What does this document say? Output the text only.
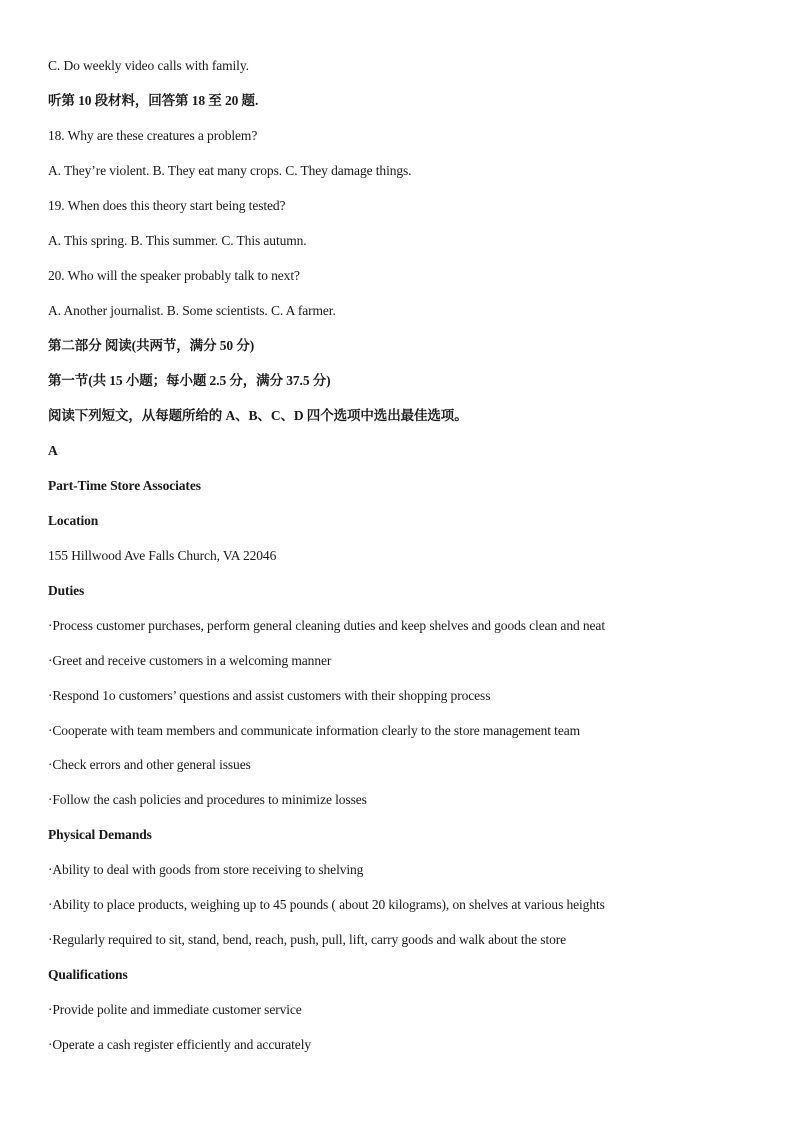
C. Do weekly video calls with family.
听第 10 段材料，回答第 18 至 20 题.
18. Why are these creatures a problem?
A. They’re violent. B. They eat many crops. C. They damage things.
19. When does this theory start being tested?
A. This spring. B. This summer. C. This autumn.
20. Who will the speaker probably talk to next?
A. Another journalist. B. Some scientists. C. A farmer.
第二部分 阅读(共两节，满分 50 分)
第一节(共 15 小题；每小题 2.5 分，满分 37.5 分)
阅读下列短文，从每题所给的 A、B、C、D 四个选项中选出最佳选项。
A
Part-Time Store Associates
Location
155 Hillwood Ave Falls Church, VA 22046
Duties
·Process customer purchases, perform general cleaning duties and keep shelves and goods clean and neat
·Greet and receive customers in a welcoming manner
·Respond 1o customers’ questions and assist customers with their shopping process
·Cooperate with team members and communicate information clearly to the store management team
·Check errors and other general issues
·Follow the cash policies and procedures to minimize losses
Physical Demands
·Ability to deal with goods from store receiving to shelving
·Ability to place products, weighing up to 45 pounds ( about 20 kilograms), on shelves at various heights
·Regularly required to sit, stand, bend, reach, push, pull, lift, carry goods and walk about the store
Qualifications
·Provide polite and immediate customer service
·Operate a cash register efficiently and accurately
